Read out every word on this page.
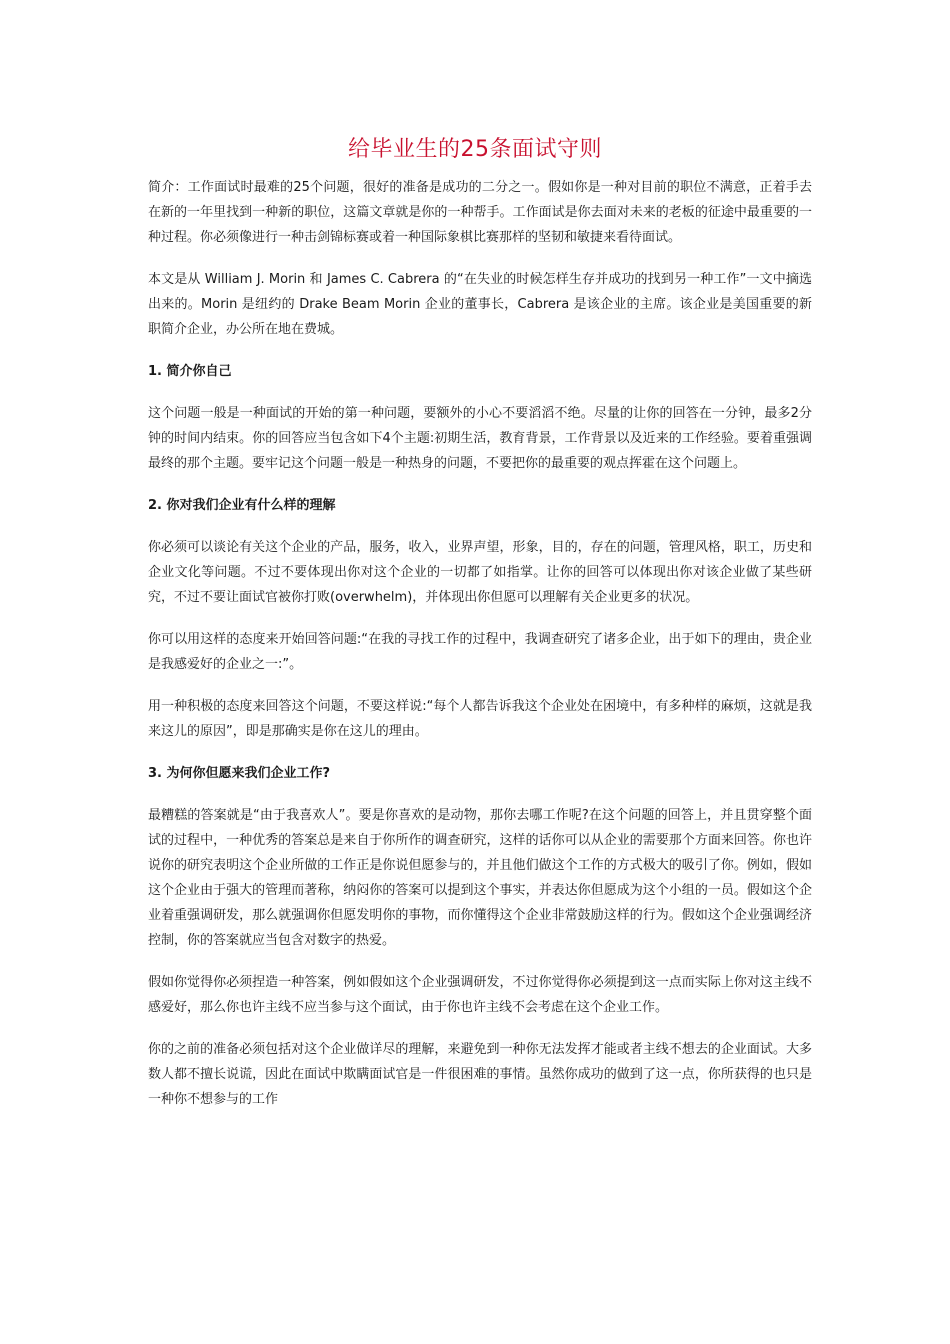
给毕业生的25条面试守则

简介：工作面试时最难的25个问题，很好的准备是成功的二分之一。假如你是一种对目前的职位不满意，正着手去在新的一年里找到一种新的职位，这篇文章就是你的一种帮手。工作面试是你去面对未来的老板的征途中最重要的一种过程。你必须像进行一种击剑锦标赛或着一种国际象棋比赛那样的坚韧和敏捷来看待面试。

本文是从 William J. Morin 和 James C. Cabrera 的“在失业的时候怎样生存并成功的找到另一种工作”一文中摘选出来的。Morin 是纽约的 Drake Beam Morin 企业的董事长，Cabrera 是该企业的主席。该企业是美国重要的新职简介企业，办公所在地在费城。

1. 简介你自己

这个问题一般是一种面试的开始的第一种问题，要额外的小心不要滔滔不绝。尽量的让你的回答在一分钟，最多2分钟的时间内结束。你的回答应当包含如下4个主题:初期生活，教育背景，工作背景以及近来的工作经验。要着重强调最终的那个主题。要牢记这个问题一般是一种热身的问题，不要把你的最重要的观点挥霍在这个问题上。

2. 你对我们企业有什么样的理解

你必须可以谈论有关这个企业的产品，服务，收入，业界声望，形象，目的，存在的问题，管理风格，职工，历史和企业文化等问题。不过不要体现出你对这个企业的一切都了如指掌。让你的回答可以体现出你对该企业做了某些研究，不过不要让面试官被你打败(overwhelm)，并体现出你但愿可以理解有关企业更多的状况。

你可以用这样的态度来开始回答问题:“在我的寻找工作的过程中，我调查研究了诸多企业，出于如下的理由，贵企业是我感爱好的企业之一:”。

用一种积极的态度来回答这个问题，不要这样说:“每个人都告诉我这个企业处在困境中，有多种样的麻烦，这就是我来这儿的原因”，即是那确实是你在这儿的理由。

3. 为何你但愿来我们企业工作?

最糟糕的答案就是“由于我喜欢人”。要是你喜欢的是动物，那你去哪工作呢?在这个问题的回答上，并且贯穿整个面试的过程中，一种优秀的答案总是来自于你所作的调查研究，这样的话你可以从企业的需要那个方面来回答。你也许说你的研究表明这个企业所做的工作正是你说但愿参与的，并且他们做这个工作的方式极大的吸引了你。例如，假如这个企业由于强大的管理而著称，纳闷你的答案可以提到这个事实，并表达你但愿成为这个小组的一员。假如这个企业着重强调研发，那么就强调你但愿发明你的事物，而你懂得这个企业非常鼓励这样的行为。假如这个企业强调经济控制，你的答案就应当包含对数字的热爱。

假如你觉得你必须捏造一种答案，例如假如这个企业强调研发，不过你觉得你必须提到这一点而实际上你对这主线不感爱好，那么你也许主线不应当参与这个面试，由于你也许主线不会考虑在这个企业工作。

你的之前的准备必须包括对这个企业做详尽的理解，来避免到一种你无法发挥才能或者主线不想去的企业面试。大多数人都不擅长说谎，因此在面试中欺瞒面试官是一件很困难的事情。虽然你成功的做到了这一点，你所获得的也只是一种你不想参与的工作
